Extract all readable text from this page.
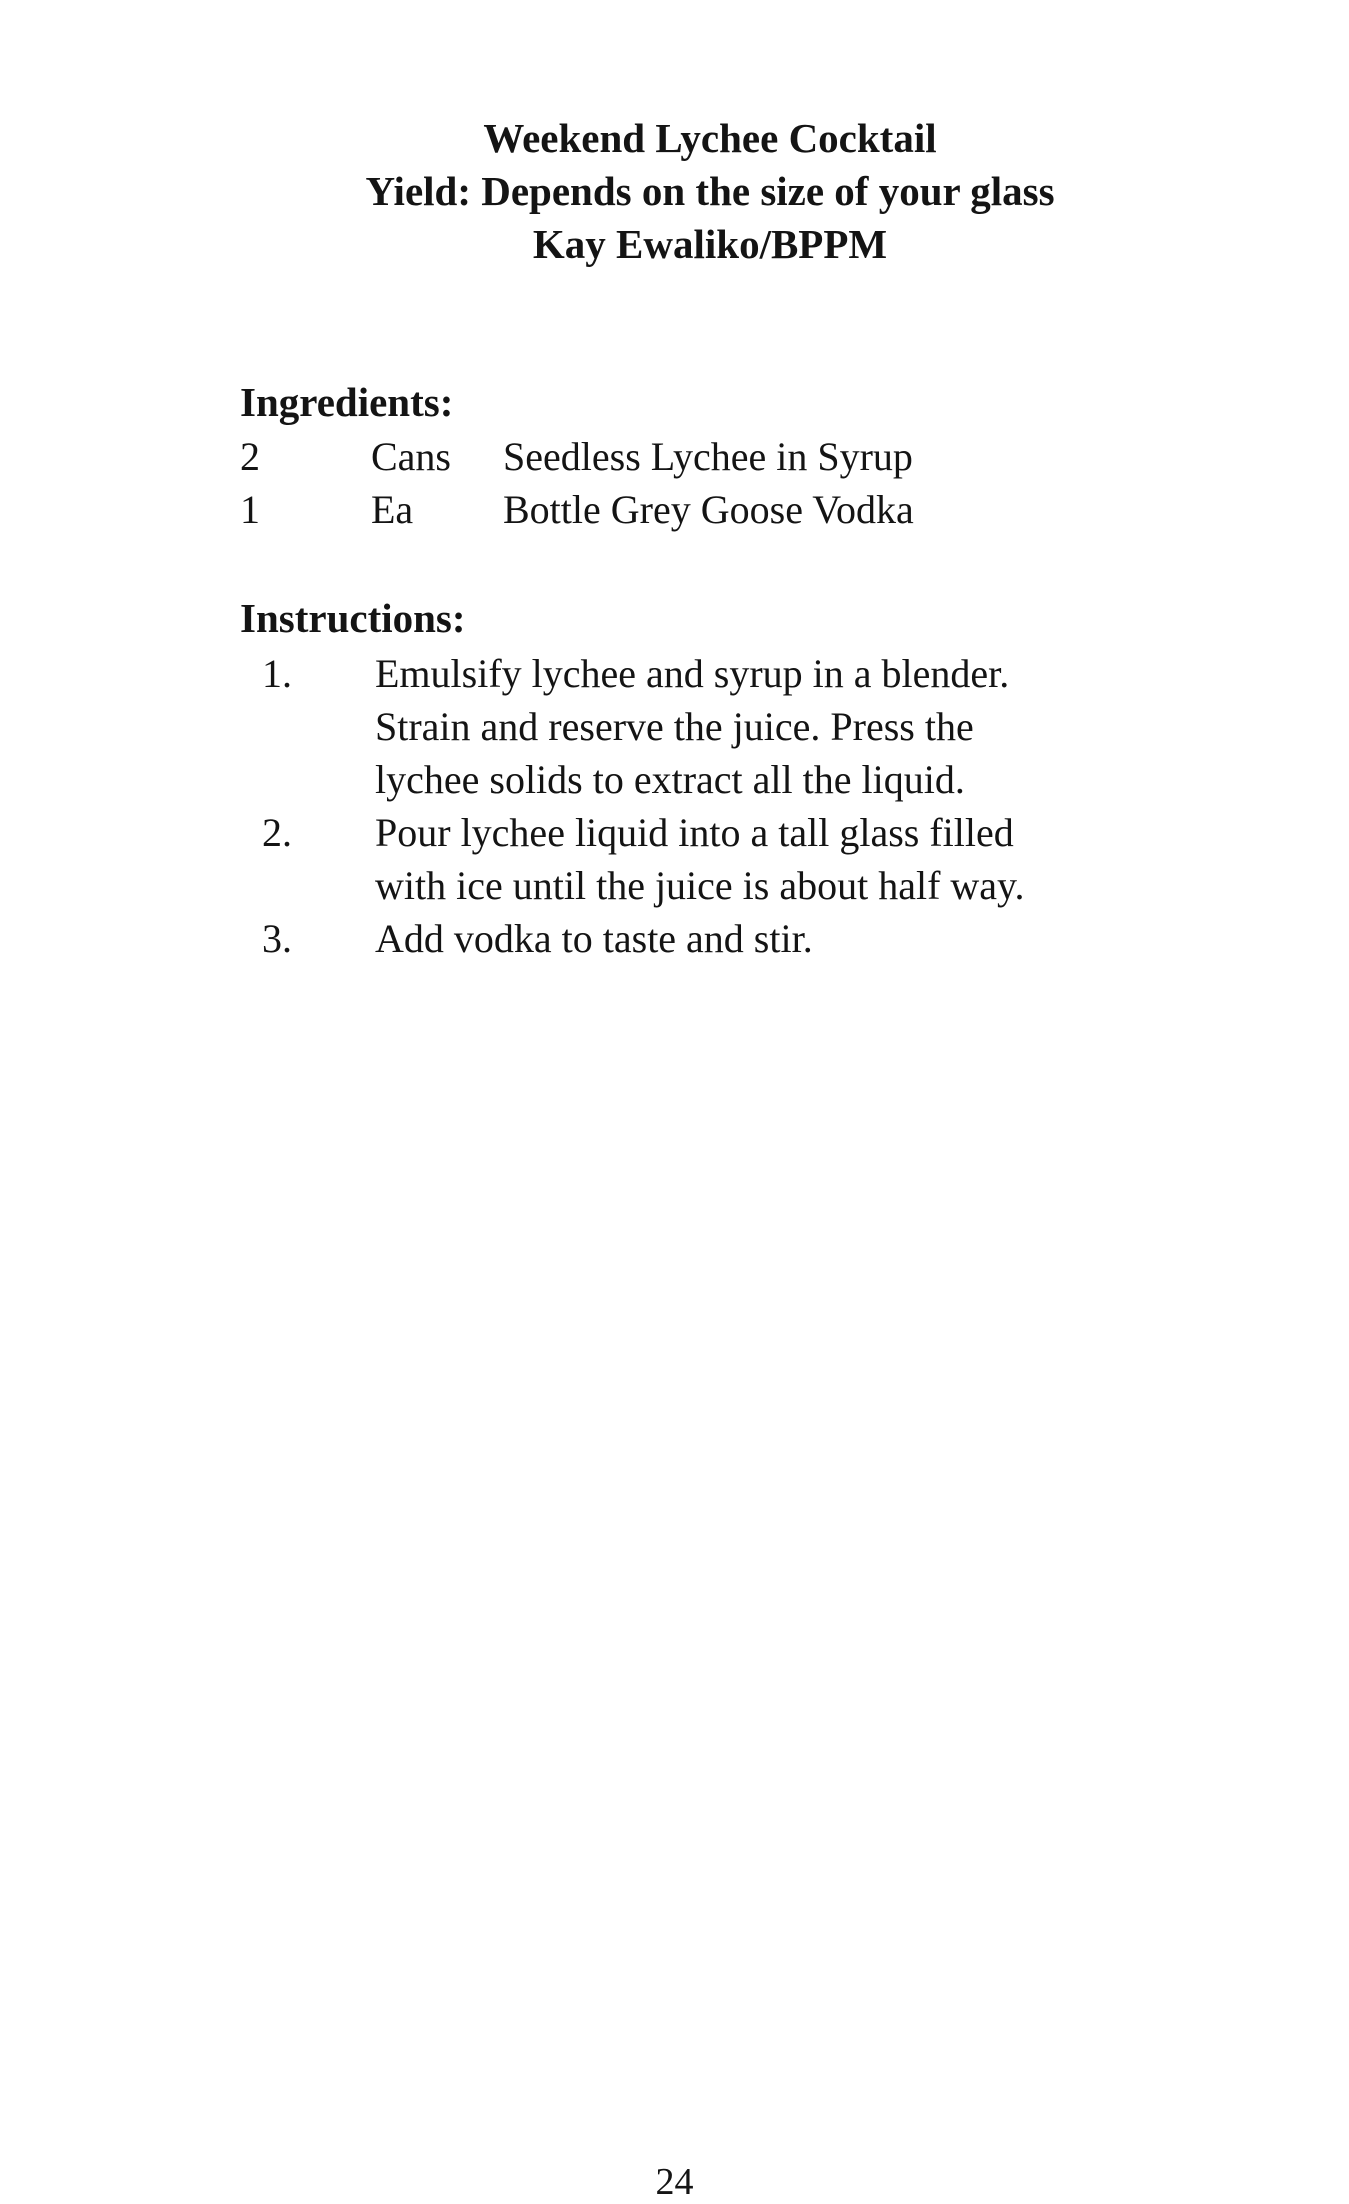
Weekend Lychee Cocktail
Yield: Depends on the size of your glass
Kay Ewaliko/BPPM
Ingredients:
2	Cans Seedless Lychee in Syrup
1	Ea Bottle Grey Goose Vodka
Instructions:
1. Emulsify lychee and syrup in a blender.
Strain and reserve the juice. Press the
lychee solids to extract all the liquid.
2. Pour lychee liquid into a tall glass filled
with ice until the juice is about half way.
3. Add vodka to taste and stir.
24
